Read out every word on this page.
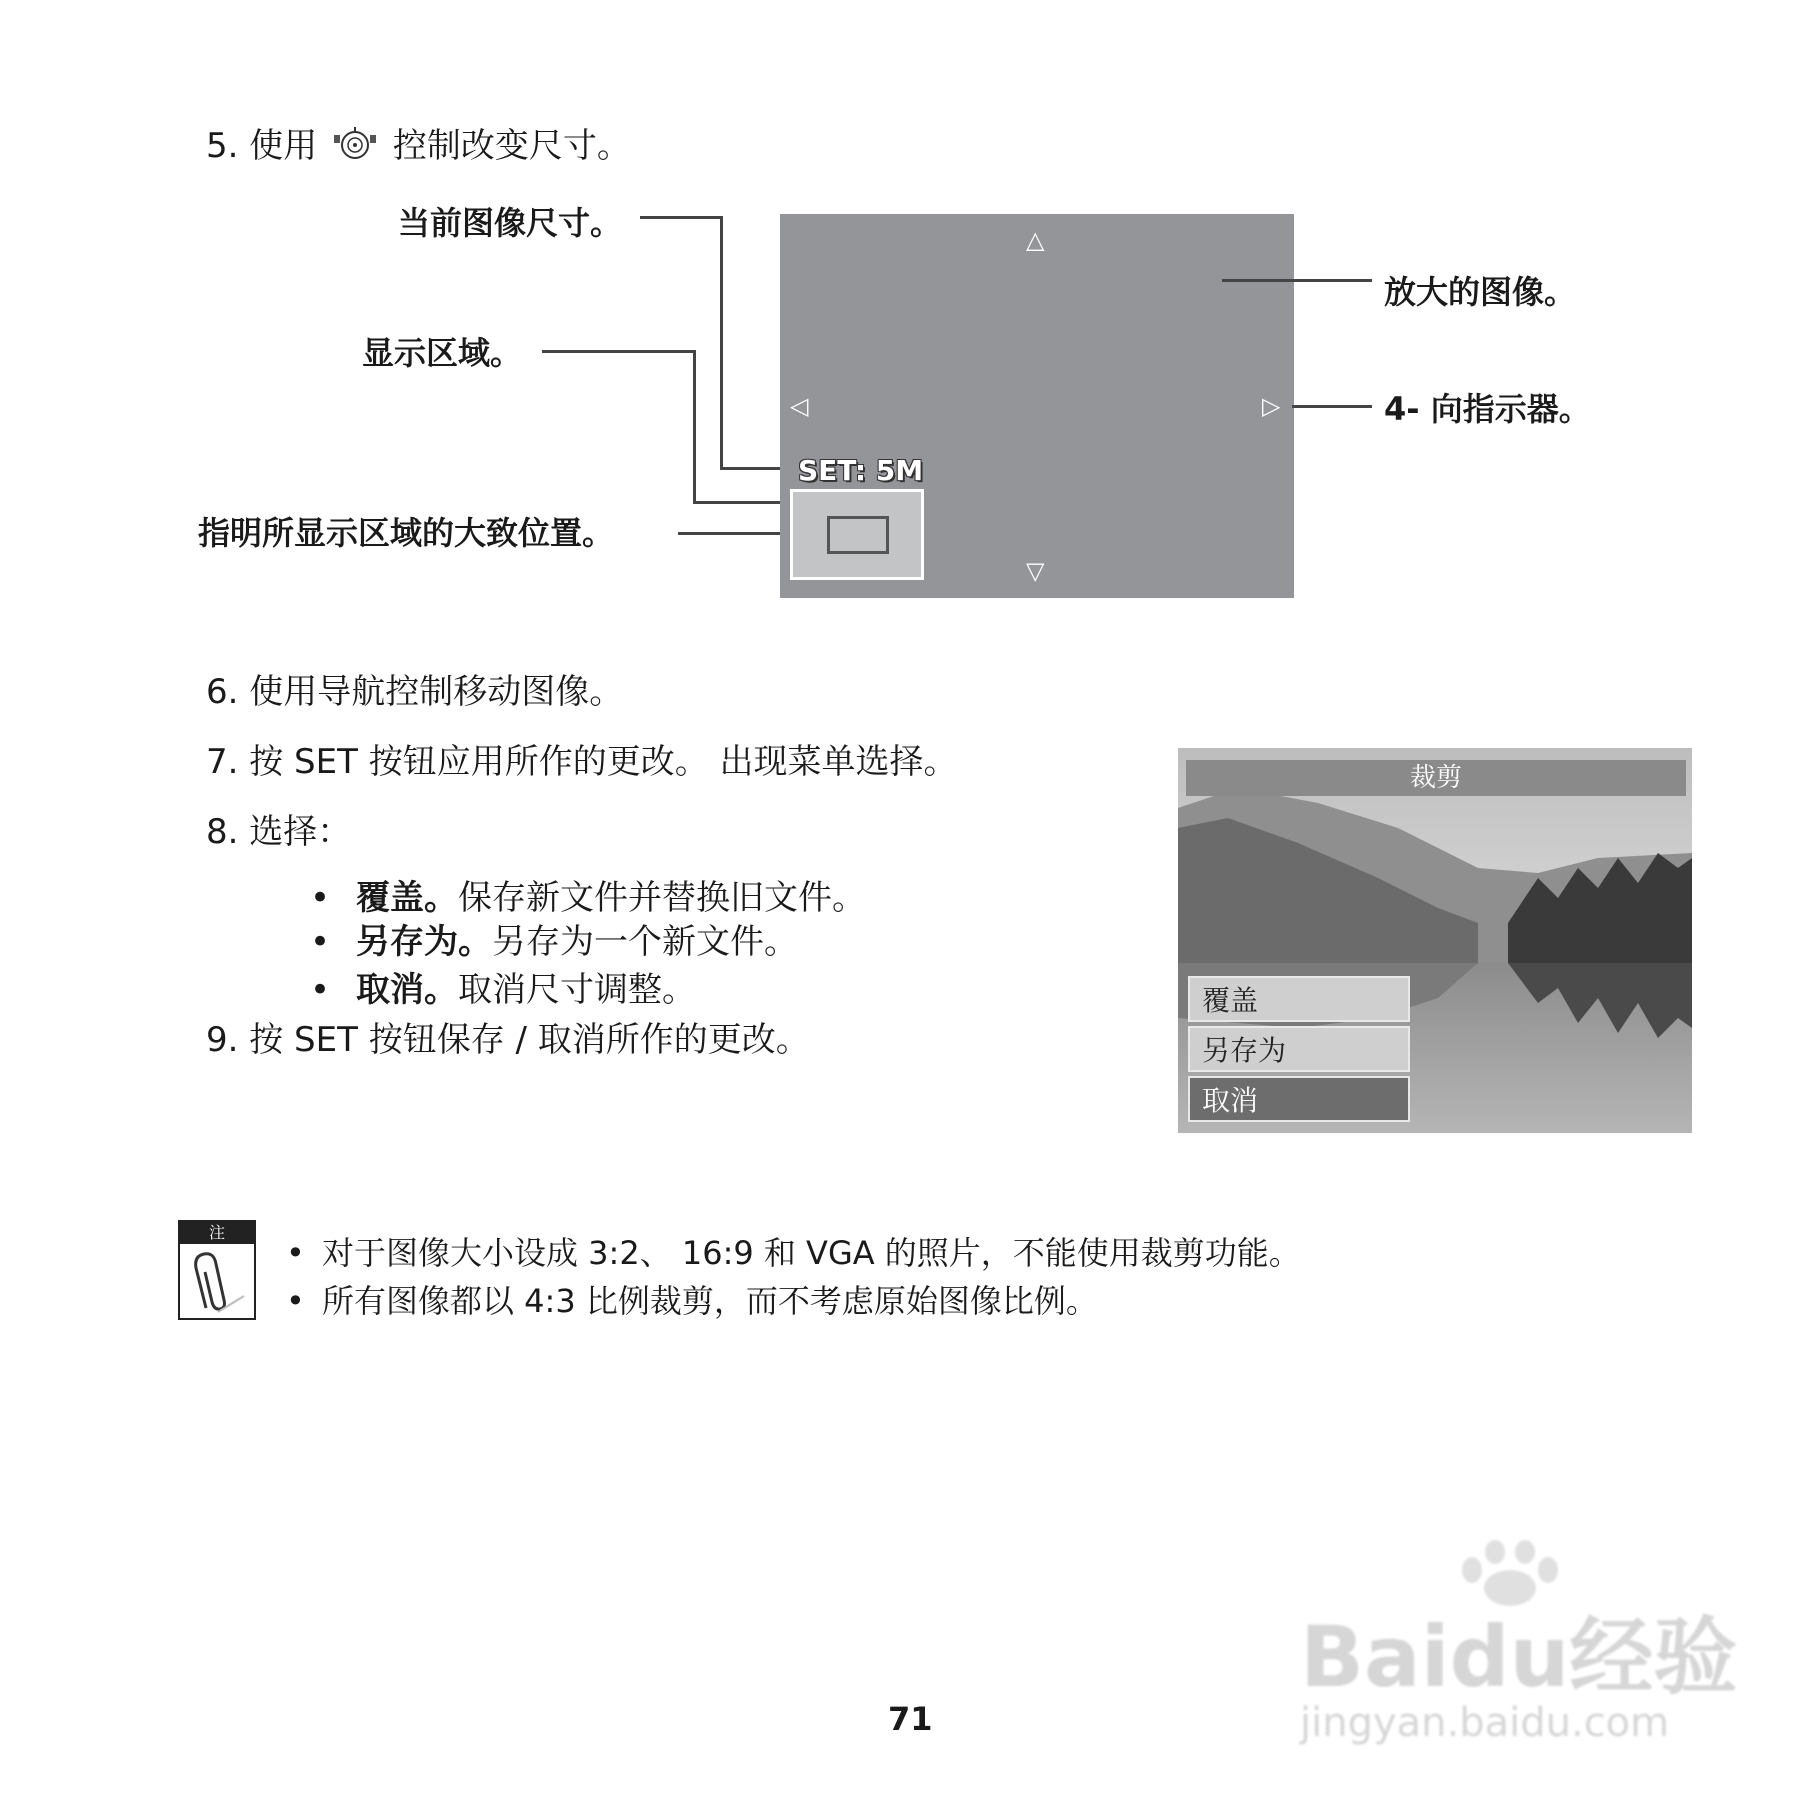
5. 使用 控制改变尺寸。
当前图像尺寸。
显示区域。
指明所显示区域的大致位置。
△
▽
◁	▷
SET: 5M
放大的图像。
4- 向指示器。
6. 使用导航控制移动图像。
7. 按 SET 按钮应用所作的更改。 出现菜单选择。
8. 选择：
• 覆盖。保存新文件并替换旧文件。
• 另存为。另存为一个新文件。
• 取消。取消尺寸调整。
9. 按 SET 按钮保存 / 取消所作的更改。
裁剪
覆盖
另存为
取消
注
• 对于图像大小设成 3:2、 16:9 和 VGA 的照片，不能使用裁剪功能。
• 所有图像都以 4:3 比例裁剪，而不考虑原始图像比例。
Baidu经验
jingyan.baidu.com
71
